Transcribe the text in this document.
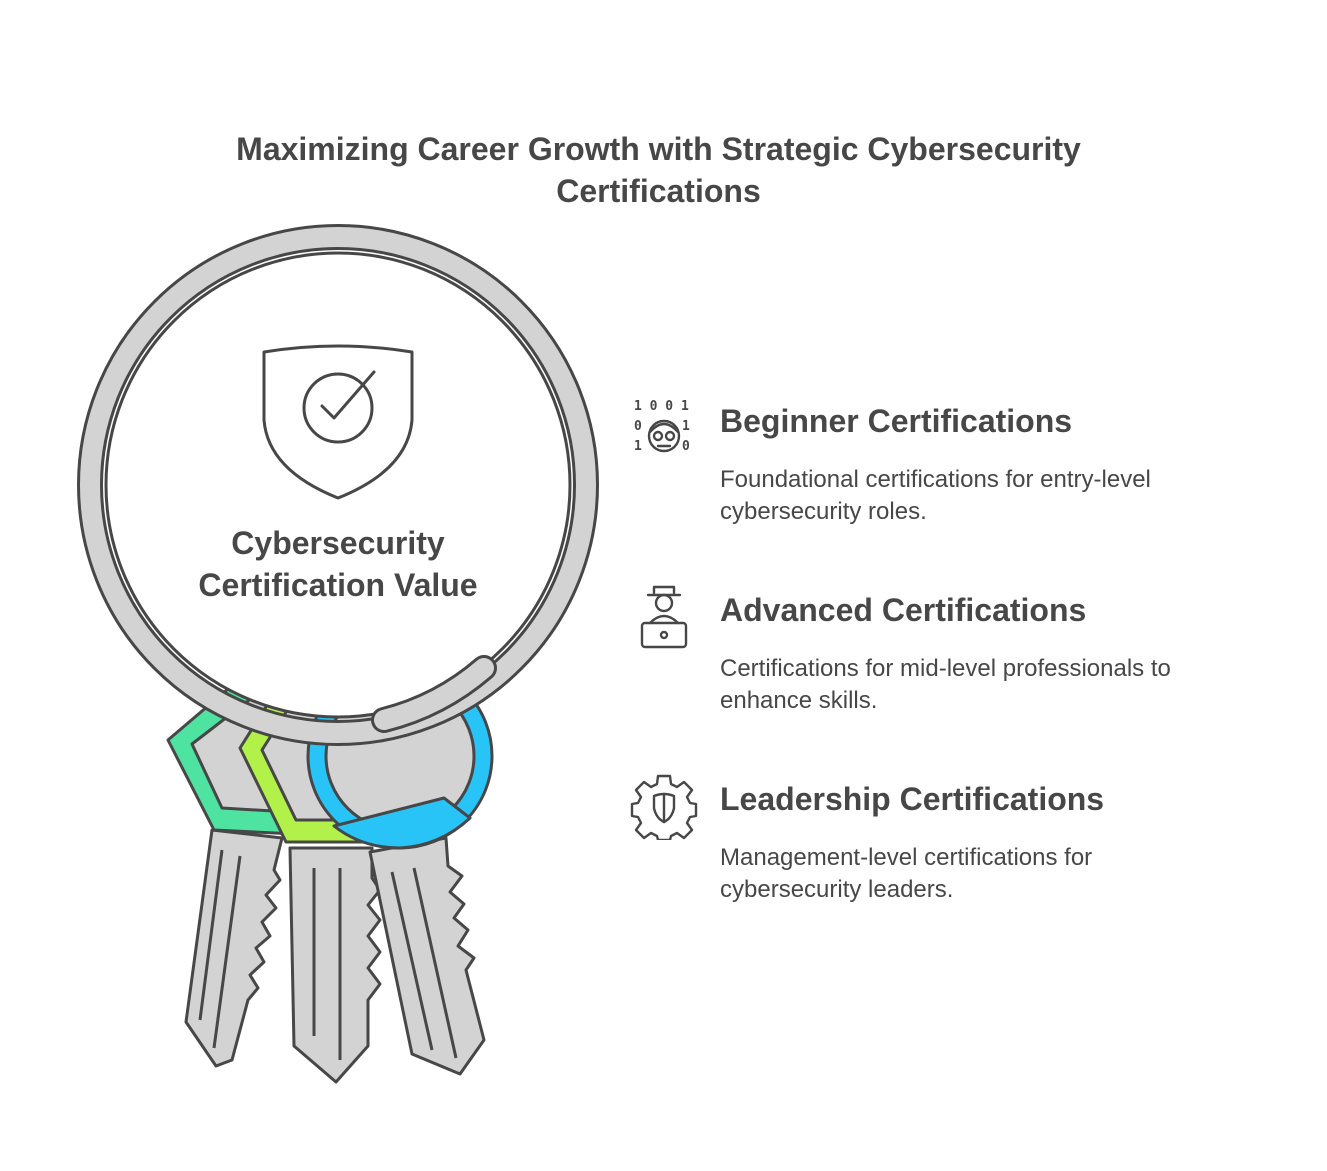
Maximizing Career Growth with Strategic Cybersecurity
Certifications
Cybersecurity
Certification Value
1 0 0 1
0	1
1	0
Beginner Certifications
Foundational certifications for entry-level
cybersecurity roles.
Advanced Certifications
Certifications for mid-level professionals to
enhance skills.
Leadership Certifications
Management-level certifications for
cybersecurity leaders.
